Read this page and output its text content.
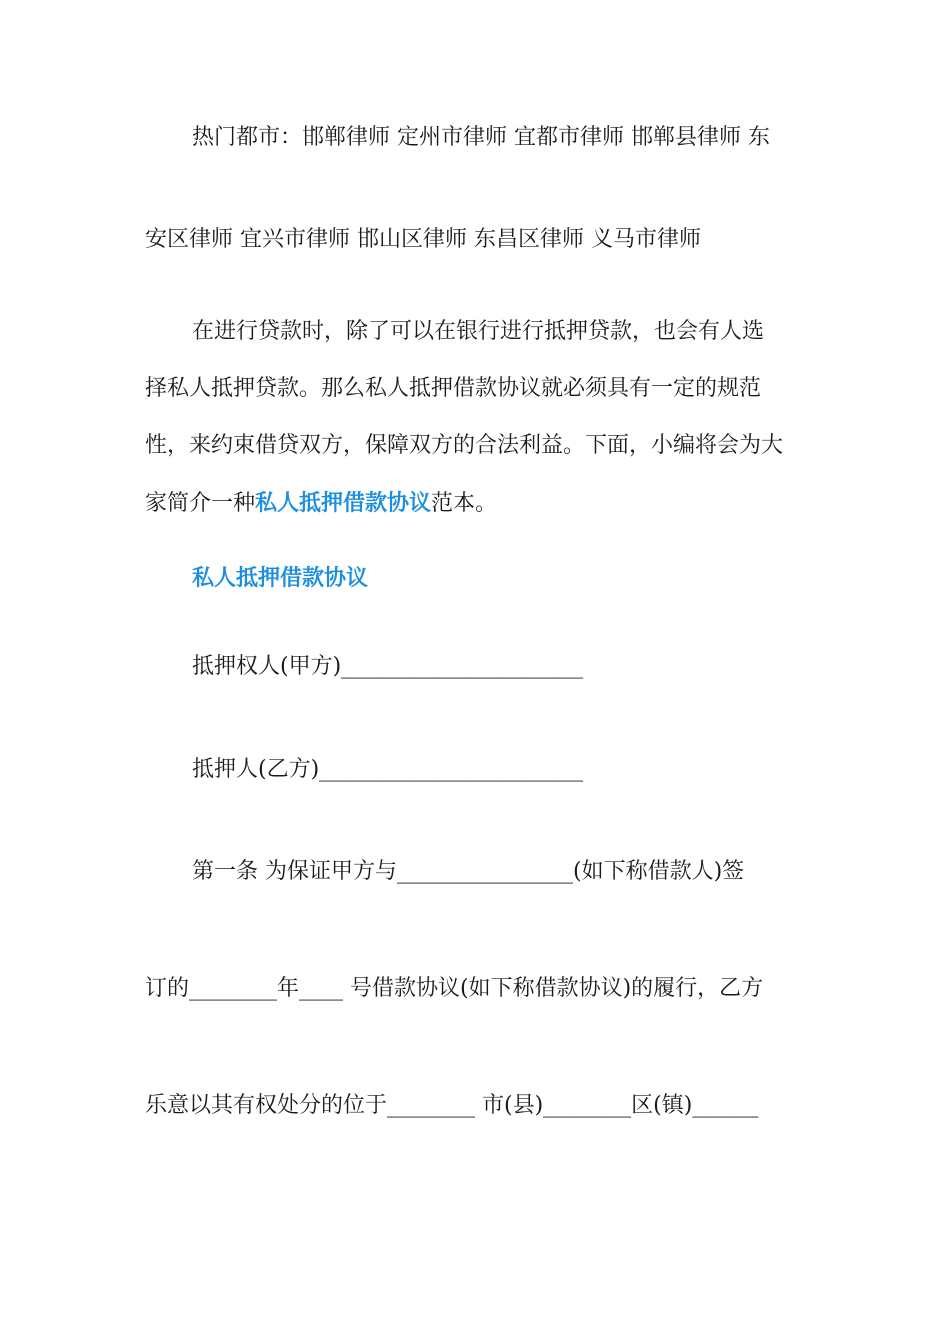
热门都市：邯郸律师 定州市律师 宜都市律师 邯郸县律师 东
安区律师 宜兴市律师 邯山区律师 东昌区律师 义马市律师
在进行贷款时，除了可以在银行进行抵押贷款，也会有人选
择私人抵押贷款。那么私人抵押借款协议就必须具有一定的规范
性，来约束借贷双方，保障双方的合法利益。下面，小编将会为大
家简介一种私人抵押借款协议范本。
私人抵押借款协议
抵押权人(甲方)______________________
抵押人(乙方)________________________
第一条 为保证甲方与________________(如下称借款人)签
订的________年____ 号借款协议(如下称借款协议)的履行，乙方
乐意以其有权处分的位于________ 市(县)________区(镇)______
